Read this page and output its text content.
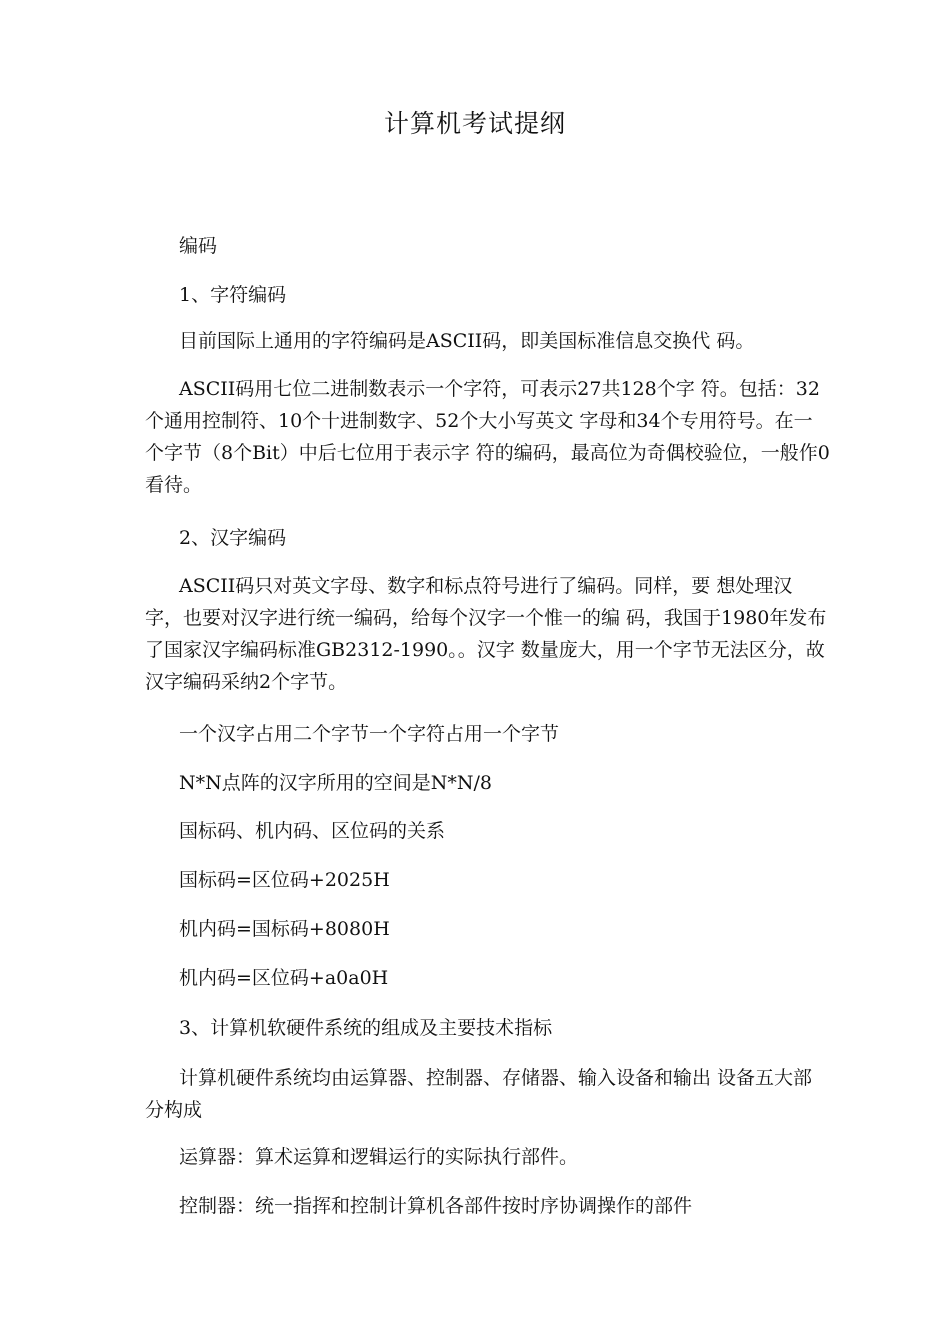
计算机考试提纲
编码
1、字符编码
目前国际上通用的字符编码是ASCII码，即美国标准信息交换代 码。
ASCII码用七位二进制数表示一个字符，可表示27共128个字 符。包括：32个通用控制符、10个十进制数字、52个大小写英文 字母和34个专用符号。在一个字节（8个Bit）中后七位用于表示字 符的编码，最高位为奇偶校验位，一般作0看待。
2、汉字编码
ASCII码只对英文字母、数字和标点符号进行了编码。同样，要 想处理汉字，也要对汉字进行统一编码，给每个汉字一个惟一的编 码，我国于1980年发布了国家汉字编码标准GB2312-1990。。汉字 数量庞大，用一个字节无法区分，故汉字编码采纳2个字节。
一个汉字占用二个字节一个字符占用一个字节
N*N点阵的汉字所用的空间是N*N/8
国标码、机内码、区位码的关系
国标码=区位码+2025H
机内码=国标码+8080H
机内码=区位码+a0a0H
3、计算机软硬件系统的组成及主要技术指标
计算机硬件系统均由运算器、控制器、存储器、输入设备和输出 设备五大部分构成
运算器：算术运算和逻辑运行的实际执行部件。
控制器：统一指挥和控制计算机各部件按时序协调操作的部件
